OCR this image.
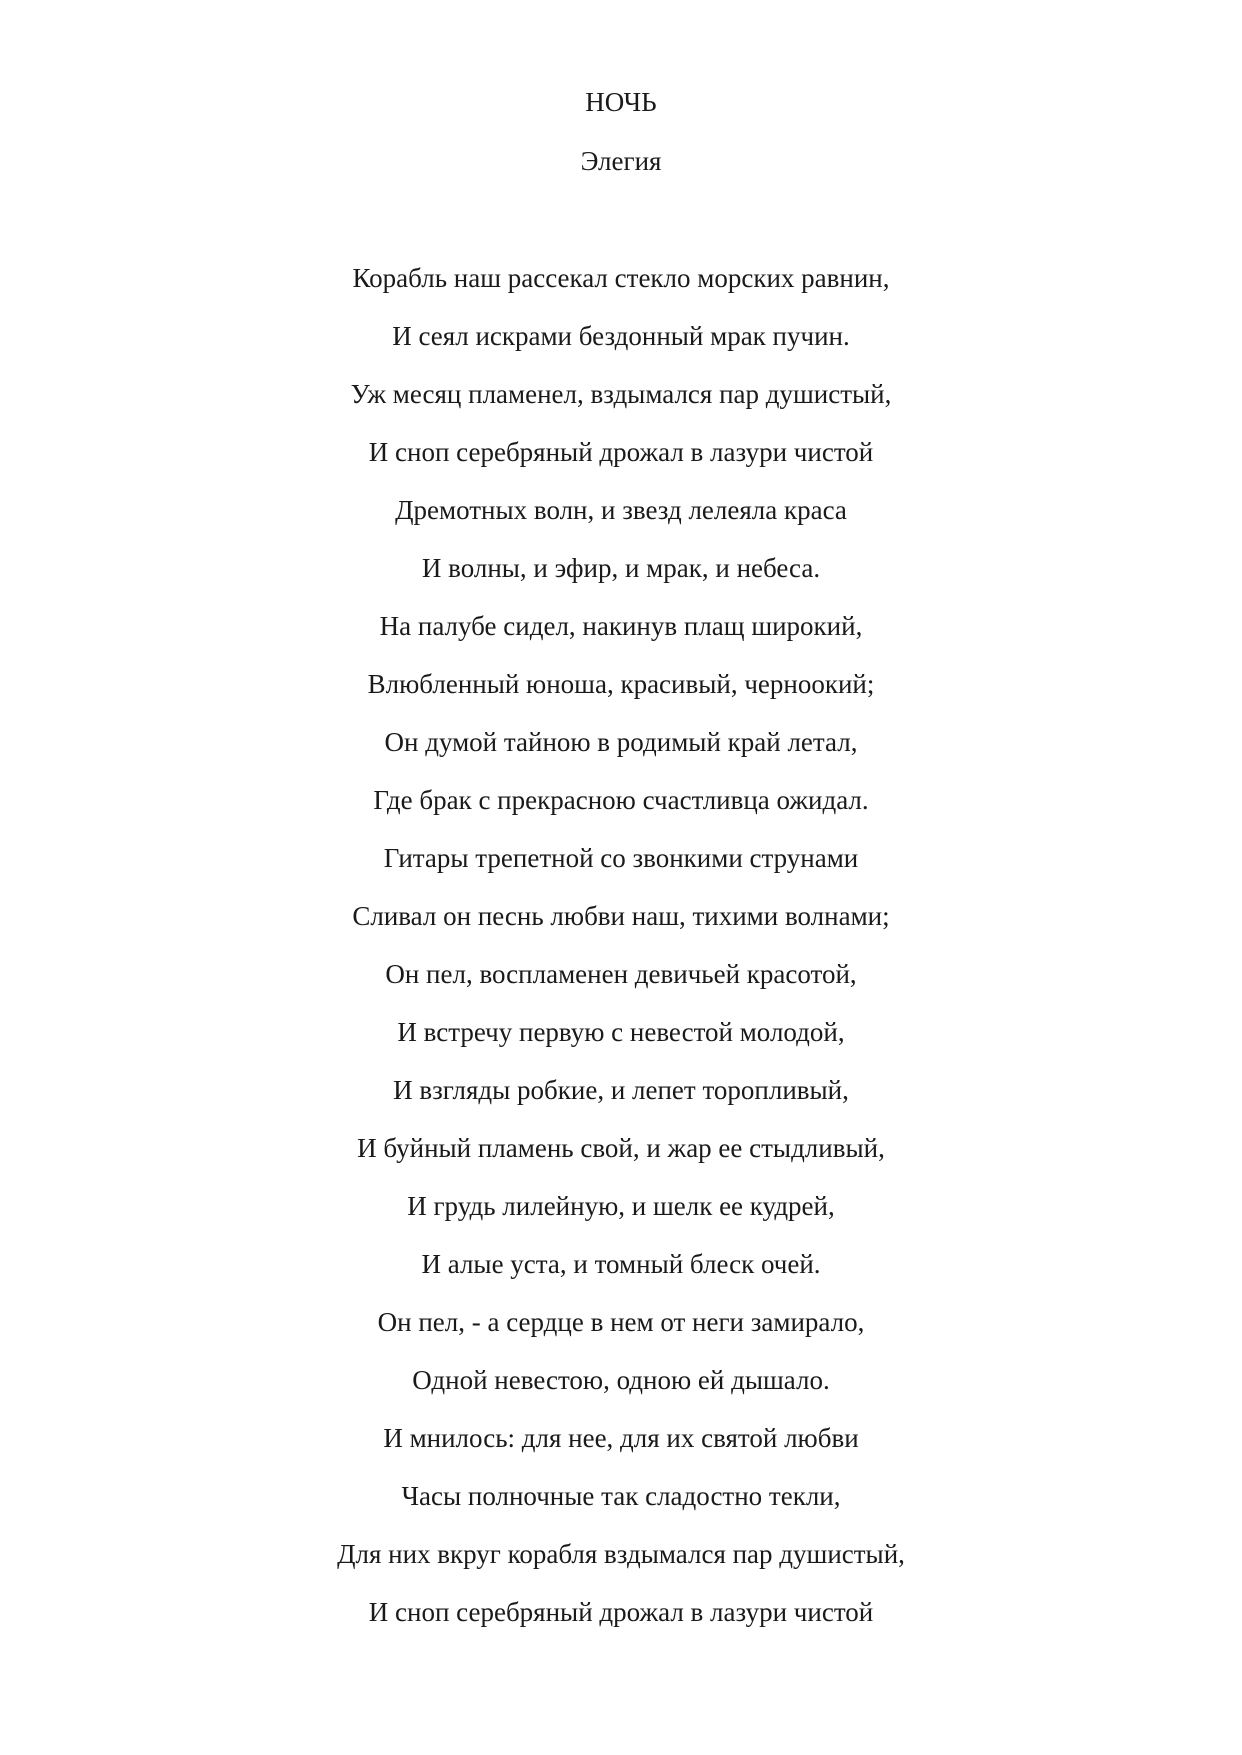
НОЧЬ
Элегия
Корабль наш рассекал стекло морских равнин,
И сеял искрами бездонный мрак пучин.
Уж месяц пламенел, вздымался пар душистый,
И сноп серебряный дрожал в лазури чистой
Дремотных волн, и звезд лелеяла краса
И волны, и эфир, и мрак, и небеса.
На палубе сидел, накинув плащ широкий,
Влюбленный юноша, красивый, черноокий;
Он думой тайною в родимый край летал,
Где брак с прекрасною счастливца ожидал.
Гитары трепетной со звонкими струнами
Сливал он песнь любви наш, тихими волнами;
Он пел, воспламенен девичьей красотой,
И встречу первую с невестой молодой,
И взгляды робкие, и лепет торопливый,
И буйный пламень свой, и жар ее стыдливый,
И грудь лилейную, и шелк ее кудрей,
И алые уста, и томный блеск очей.
Он пел, - а сердце в нем от неги замирало,
Одной невестою, одною ей дышало.
И мнилось: для нее, для их святой любви
Часы полночные так сладостно текли,
Для них вкруг корабля вздымался пар душистый,
И сноп серебряный дрожал в лазури чистой
